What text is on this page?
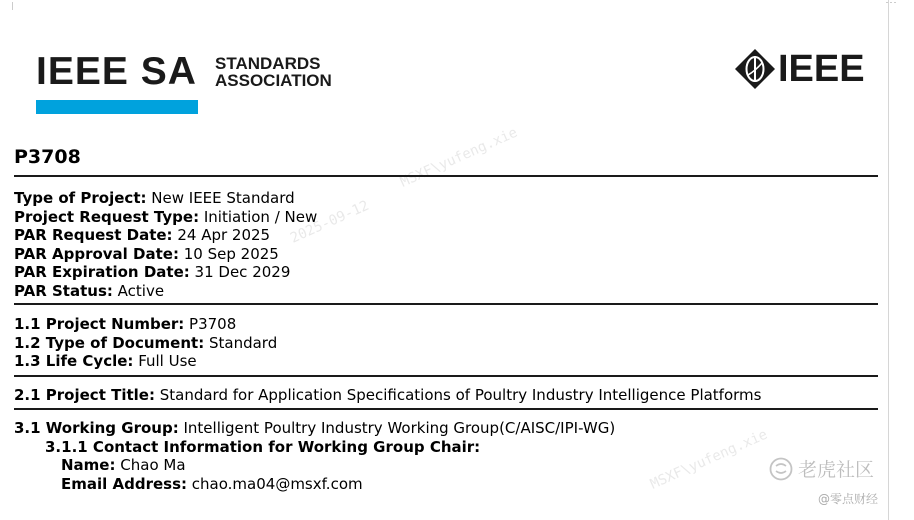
IEEE SA STANDARDS
ASSOCIATION	IEEE
MSXF\yufeng.xie
2025-09-12
MSXF\yufeng.xie
P3708
Type of Project: New IEEE Standard
Project Request Type: Initiation / New
PAR Request Date: 24 Apr 2025
PAR Approval Date: 10 Sep 2025
PAR Expiration Date: 31 Dec 2029
PAR Status: Active
1.1 Project Number: P3708
1.2 Type of Document: Standard
1.3 Life Cycle: Full Use
2.1 Project Title: Standard for Application Specifications of Poultry Industry Intelligence Platforms
3.1 Working Group: Intelligent Poultry Industry Working Group(C/AISC/IPI-WG)
3.1.1 Contact Information for Working Group Chair:
Name: Chao Ma
Email Address: chao.ma04@msxf.com
老虎社区
@零点财经
